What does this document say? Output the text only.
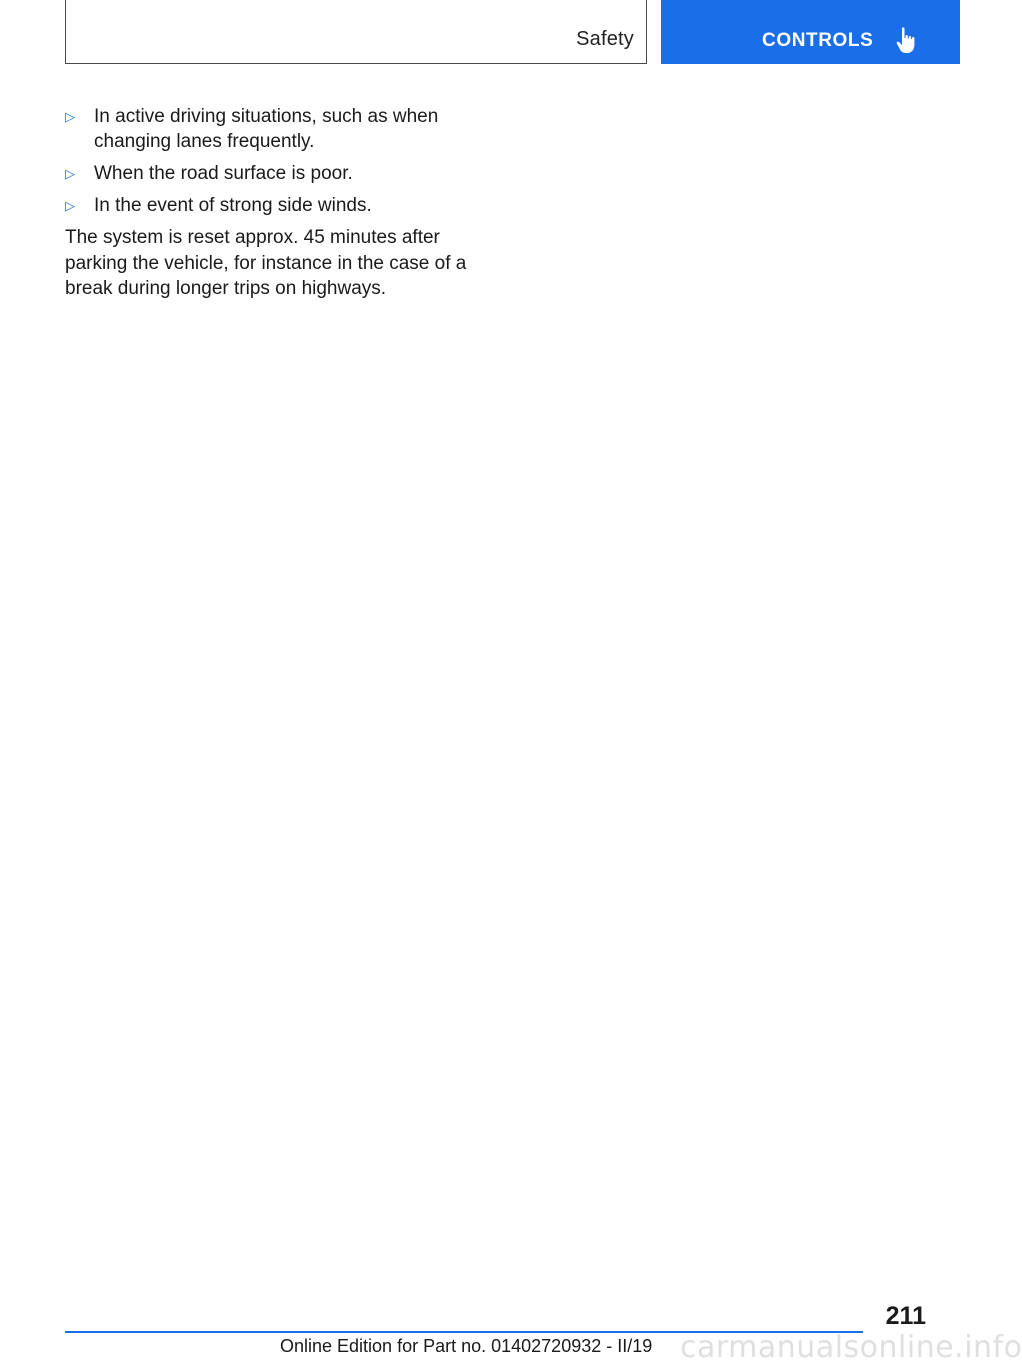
Safety	CONTROLS
▷ In active driving situations, such as when changing lanes frequently.
▷ When the road surface is poor.
▷ In the event of strong side winds.

The system is reset approx. 45 minutes after parking the vehicle, for instance in the case of a break during longer trips on highways.

211
Online Edition for Part no. 01402720932 - II/19 carmanualsonline.info
